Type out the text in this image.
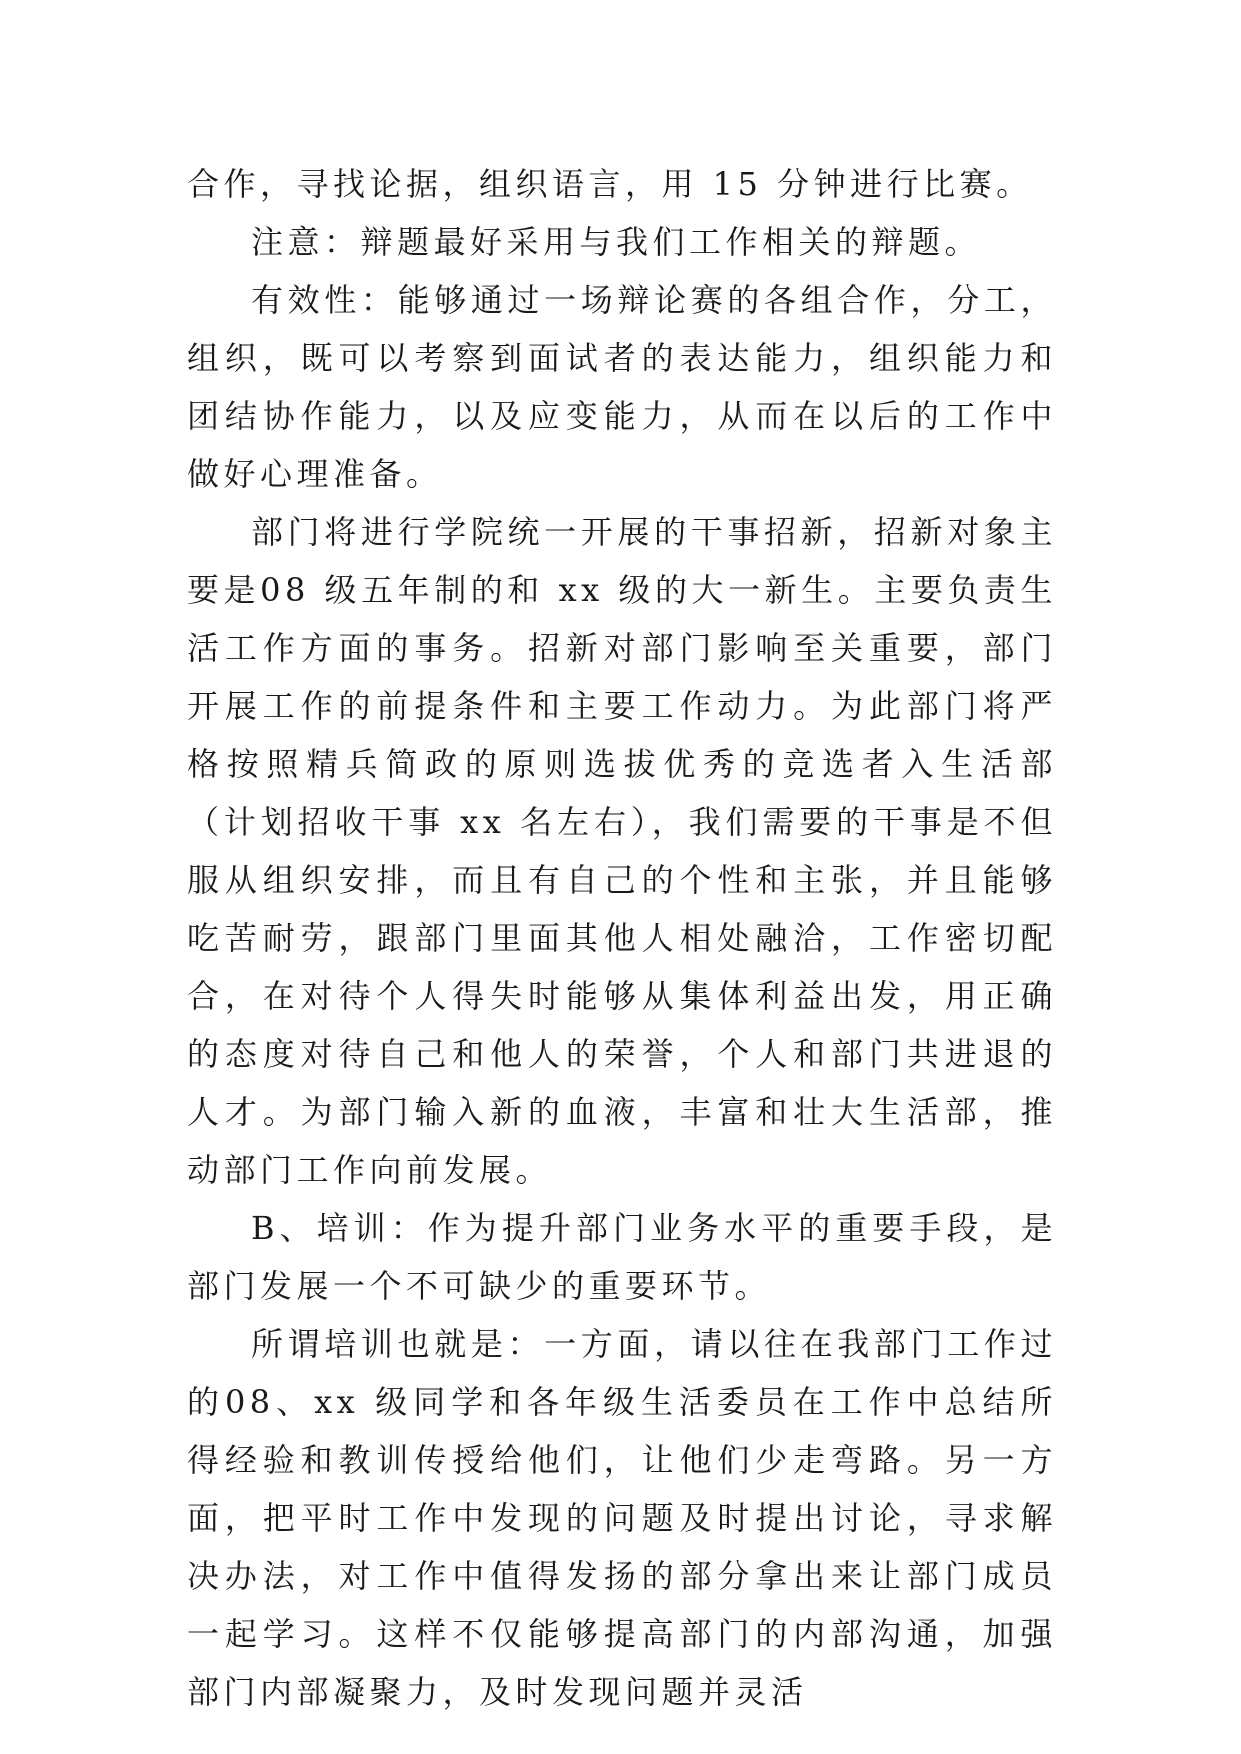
合作，寻找论据，组织语言，用 15 分钟进行比赛。

注意：辩题最好采用与我们工作相关的辩题。

有效性：能够通过一场辩论赛的各组合作，分工，组织，既可以考察到面试者的表达能力，组织能力和团结协作能力，以及应变能力，从而在以后的工作中做好心理准备。

部门将进行学院统一开展的干事招新，招新对象主要是08 级五年制的和 xx 级的大一新生。主要负责生活工作方面的事务。招新对部门影响至关重要，部门开展工作的前提条件和主要工作动力。为此部门将严格按照精兵简政的原则选拔优秀的竞选者入生活部（计划招收干事 xx 名左右），我们需要的干事是不但服从组织安排，而且有自己的个性和主张，并且能够吃苦耐劳，跟部门里面其他人相处融洽，工作密切配合，在对待个人得失时能够从集体利益出发，用正确的态度对待自己和他人的荣誉，个人和部门共进退的人才。为部门输入新的血液，丰富和壮大生活部，推动部门工作向前发展。

B、培训：作为提升部门业务水平的重要手段，是部门发展一个不可缺少的重要环节。

所谓培训也就是：一方面，请以往在我部门工作过的08、xx 级同学和各年级生活委员在工作中总结所得经验和教训传授给他们，让他们少走弯路。另一方面，把平时工作中发现的问题及时提出讨论，寻求解决办法，对工作中值得发扬的部分拿出来让部门成员一起学习。这样不仅能够提高部门的内部沟通，加强部门内部凝聚力，及时发现问题并灵活
